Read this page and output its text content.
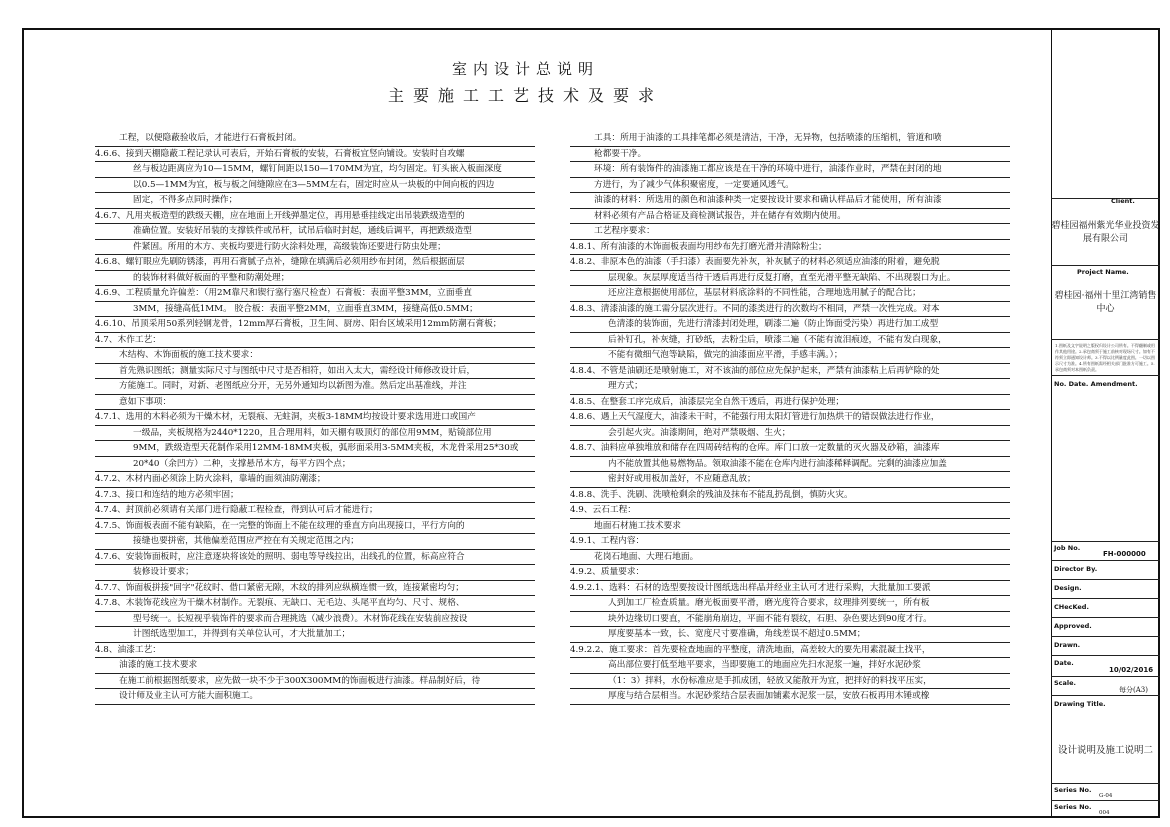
室内设计总说明
主要施工工艺技术及要求
工程，以便隐蔽验收后，才能进行石膏板封闭。
4.6.6、接到天棚隐蔽工程记录认可表后，开始石膏板的安装，石膏板宜竖向铺设。安装时自攻螺
丝与板边距离应为10—15MM，螺钉间距以150—170MM为宜，均匀固定。钉头嵌入板面深度
以0.5—1MM为宜，板与板之间缝隙应在3—5MM左右，固定时应从一块板的中间向板的四边
固定，不得多点同时操作；
4.6.7、凡用夹板造型的跌级天棚，应在地面上开线弹墨定位，再用悬垂挂线定出吊装跌级造型的
准确位置。安装好吊装的支撑铁件或吊杆，试吊后临时封起，通线后调平，再把跌级造型
件紧固。所用的木方、夹板均要进行防火涂料处理，高级装饰还要进行防虫处理；
4.6.8、螺钉眼应先刷防锈漆，再用石膏腻子点补，缝隙在填满后必须用纱布封闭，然后根据面层
的装饰材料做好板面的平整和防潮处理；
4.6.9、工程质量允许偏差：（用2M靠尺和锲行塞行塞尺检查）石膏板：表面平整3MM，立面垂直
3MM，接缝高低1MM。 胶合板：表面平整2MM，立面垂直3MM，接缝高低0.5MM；
4.6.10、吊顶采用50系列轻钢龙骨，12mm厚石膏板，卫生间、厨房、阳台区域采用12mm防潮石膏板；
4.7、木作工艺：
木结构、木饰面板的施工技术要求：
首先熟识图纸；测量实际尺寸与图纸中尺寸是否相符，如出入太大，需经设计师修改设计后，
方能施工。同时，对新、老图纸应分开，无另外通知均以新图为准。然后定出基准线，并注
意如下事项：
4.7.1、选用的木料必须为干燥木材，无裂痕、无蛀洞，夹板3-18MM均按设计要求选用进口或国产
一级品，夹板规格为2440*1220，且合理用料，如天棚有吸顶灯的部位用9MM，贴镜部位用
9MM，跌级造型天花制作采用12MM-18MM夹板，弧形面采用3-5MM夹板，木龙骨采用25*30或
20*40（余凹方）二种，支撑悬吊木方，每平方四个点；
4.7.2、木材内面必须涂上防火涂料，靠墙的面须油防潮漆；
4.7.3、接口和连结的地方必须牢固；
4.7.4、封顶前必须请有关部门进行隐蔽工程检查，得到认可后才能进行；
4.7.5、饰面板表面不能有缺陷，在一完整的饰面上不能在纹理的垂直方向出现接口，平行方向的
接缝也要拼密，其他偏差范围应严控在有关规定范围之内；
4.7.6、安装饰面板时，应注意逐块将该处的照明、弱电等导线拉出，出线孔的位置，标高应符合
装修设计要求；
4.7.7、饰面板拼接"回字"花纹时、借口紧密无隙，木纹的排列应纵横连惯一致，连接紧密均匀；
4.7.8、木装饰花线应为干燥木材制作。无裂痕、无缺口、无毛边、头尾平直均匀、尺寸、规格、
型号统一。长短视乎装饰件的要求而合理挑选（减少浪费）。木材饰花线在安装前应按设
计图纸选型加工，并得到有关单位认可，才大批量加工；
4.8、油漆工艺：
油漆的施工技术要求
在施工前根据图纸要求，应先做一块不少于300X300MM的饰面板进行油漆。样品制好后，待
设计师及业主认可方能大面积施工。
工具：所用于油漆的工具排笔都必须是清洁，干净，无异物，包括喷漆的压缩机，管道和喷
枪都要干净。
环境：所有装饰件的油漆施工都应该是在干净的环境中进行，油漆作业时，严禁在封闭的地
方进行，为了减少气体积聚密度，一定要通风透气。
油漆的材料：所选用的颜色和油漆种类一定要按设计要求和确认样品后才能使用，所有油漆
材料必须有产品合格证及商检测试报告，并在储存有效期内使用。
工艺程序要求：
4.8.1、所有油漆的木饰面板表面均用纱布先打磨光滑并清除粉尘；
4.8.2、非原本色的油漆（手扫漆）表面要先补灰，补灰腻子的材料必须适应油漆的附着，避免脱
层现象。灰层厚度适当待干透后再进行反复打磨，直至光滑平整无缺陷、不出现裂口为止。
还应注意根据使用部位，基层材料底涂料的不同性能，合理地选用腻子的配合比；
4.8.3、清漆油漆的施工需分层次进行。不同的漆类进行的次数均不相同，严禁一次性完成。对本
色清漆的装饰面，先进行清漆封闭处理，刷漆二遍（防止饰面受污染）再进行加工成型
后补钉孔，补灰缝，打砂纸，去粉尘后，喷漆二遍（不能有流泪痕迹，不能有发白现象，
不能有微细气泡等缺陷，做完的油漆面应平滑，手感丰满。）；
4.8.4、不管是油刷还是喷射施工，对不该油的部位应先保护起来，严禁有油漆粘上后再铲除的处
理方式；
4.8.5、在整套工序完成后，油漆层完全自然干透后，再进行保护处理；
4.8.6、遇上天气湿度大，油漆未干时，不能强行用太阳灯管进行加热烘干的错误做法进行作业，
会引起火灾。油漆期间，绝对严禁吸烟、生火；
4.8.7、油料应单独堆放和储存在四周砖结构的仓库。库门口放一定数量的灭火器及砂箱，油漆库
内不能放置其他易燃物品。领取油漆不能在仓库内进行油漆稀释调配。完剩的油漆应加盖
密封好或用板加盖好，不应随意乱放；
4.8.8、洗手、洗刷、洗喷枪剩余的残油及抹布不能乱扔乱倒，慎防火灾。
4.9、云石工程：
地面石材施工技术要求
4.9.1、工程内容：
花岗石地面、大理石地面。
4.9.2、质量要求：
4.9.2.1、选料：石材的选型要按设计图纸选出样品并经业主认可才进行采购，大批量加工要派
人到加工厂检查质量。磨光板面要平滑，磨光度符合要求，纹理排列要统一，所有板
块外边缘切口要直，不能崩角崩边，平面不能有裂纹，石胆、杂色要达到90度才行。
厚度要基本一致，长、宽度尺寸要准确，角线差误不超过0.5MM；
4.9.2.2、施工要求：首先要检查地面的平整度，清洗地面，高差较大的要先用素混凝土找平，
高出部位要打低至地平要求，当即要施工的地面应先扫水泥浆一遍，拌好水泥砂浆
（1：3）拌料，水份标准应是手抓成团，轻放又能散开为宜，把拌好的料找平压实，
厚度与结合层相当。水泥砂浆结合层表面加铺素水泥浆一层，安放石板再用木锤或橡
Client.
碧桂园福州紫光华业投资发展有限公司
Project Name.
碧桂园·福州十里江湾销售中心
1.图纸及文字说明之版权归设计公司所有。不得翻制或用作其他用途。2.承包商须于施工前核对现场尺寸。如有不符须立即通知设计师。3.不得以比例量度此图。一切以图示尺寸为准。4.所有图纸需经相关部门批准方可施工。5.承包商须对本图纸负责。
No. Date. Amendment.
Job No.
FH-000000
Director By.
Design.
CHecKed.
Approved.
Drawn.
Date.
10/02/2016
Scale.
每分(A3)
Drawing Title.
设计说明及施工说明二
Series No.
G-04
Series No.
004
